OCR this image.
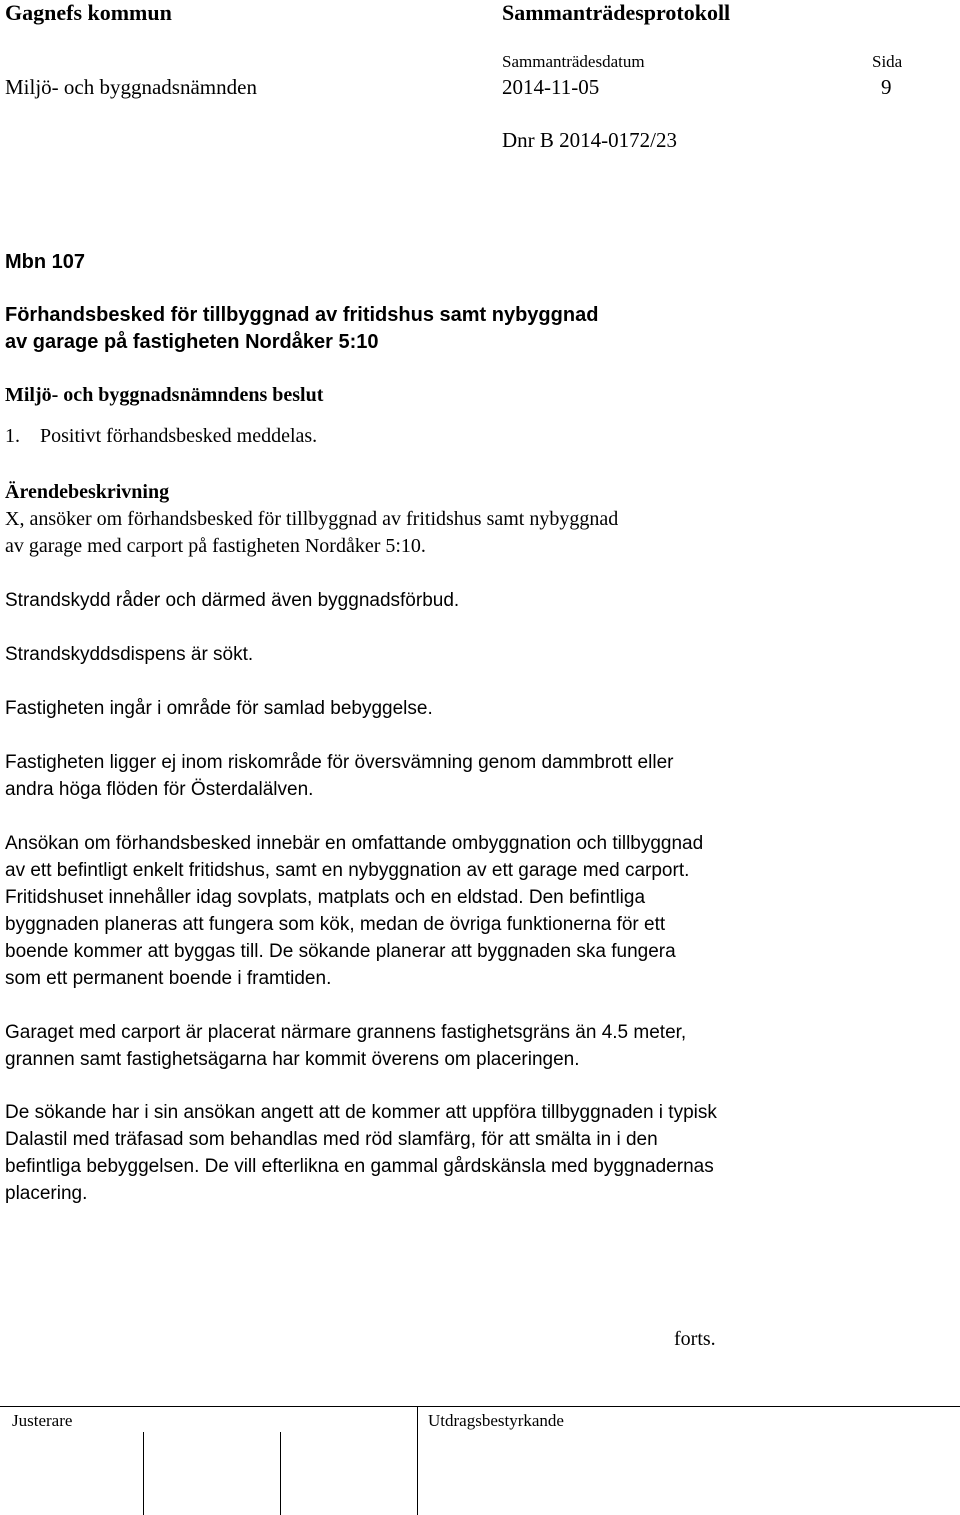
Gagnefs kommun	Sammanträdesprotokoll
Sammanträdesdatum	Sida
Miljö- och byggnadsnämnden	2014-11-05	9
Dnr B 2014-0172/23
Mbn 107
Förhandsbesked för tillbyggnad av fritidshus samt nybyggnad
av garage på fastigheten Nordåker 5:10
Miljö- och byggnadsnämndens beslut
1. Positivt förhandsbesked meddelas.
Ärendebeskrivning
X, ansöker om förhandsbesked för tillbyggnad av fritidshus samt nybyggnad
av garage med carport på fastigheten Nordåker 5:10.

Strandskydd råder och därmed även byggnadsförbud.

Strandskyddsdispens är sökt.

Fastigheten ingår i område för samlad bebyggelse.

Fastigheten ligger ej inom riskområde för översvämning genom dammbrott eller andra höga flöden för Österdalälven.

Ansökan om förhandsbesked innebär en omfattande ombyggnation och tillbyggnad av ett befintligt enkelt fritidshus, samt en nybyggnation av ett garage med carport. Fritidshuset innehåller idag sovplats, matplats och en eldstad. Den befintliga byggnaden planeras att fungera som kök, medan de övriga funktionerna för ett boende kommer att byggas till. De sökande planerar att byggnaden ska fungera som ett permanent boende i framtiden.

Garaget med carport är placerat närmare grannens fastighetsgräns än 4.5 meter, grannen samt fastighetsägarna har kommit överens om placeringen.

De sökande har i sin ansökan angett att de kommer att uppföra tillbyggnaden i typisk Dalastil med träfasad som behandlas med röd slamfärg, för att smälta in i den befintliga bebyggelsen. De vill efterlikna en gammal gårdskänsla med byggnadernas placering.

forts.
Justerare	Utdragsbestyrkande
